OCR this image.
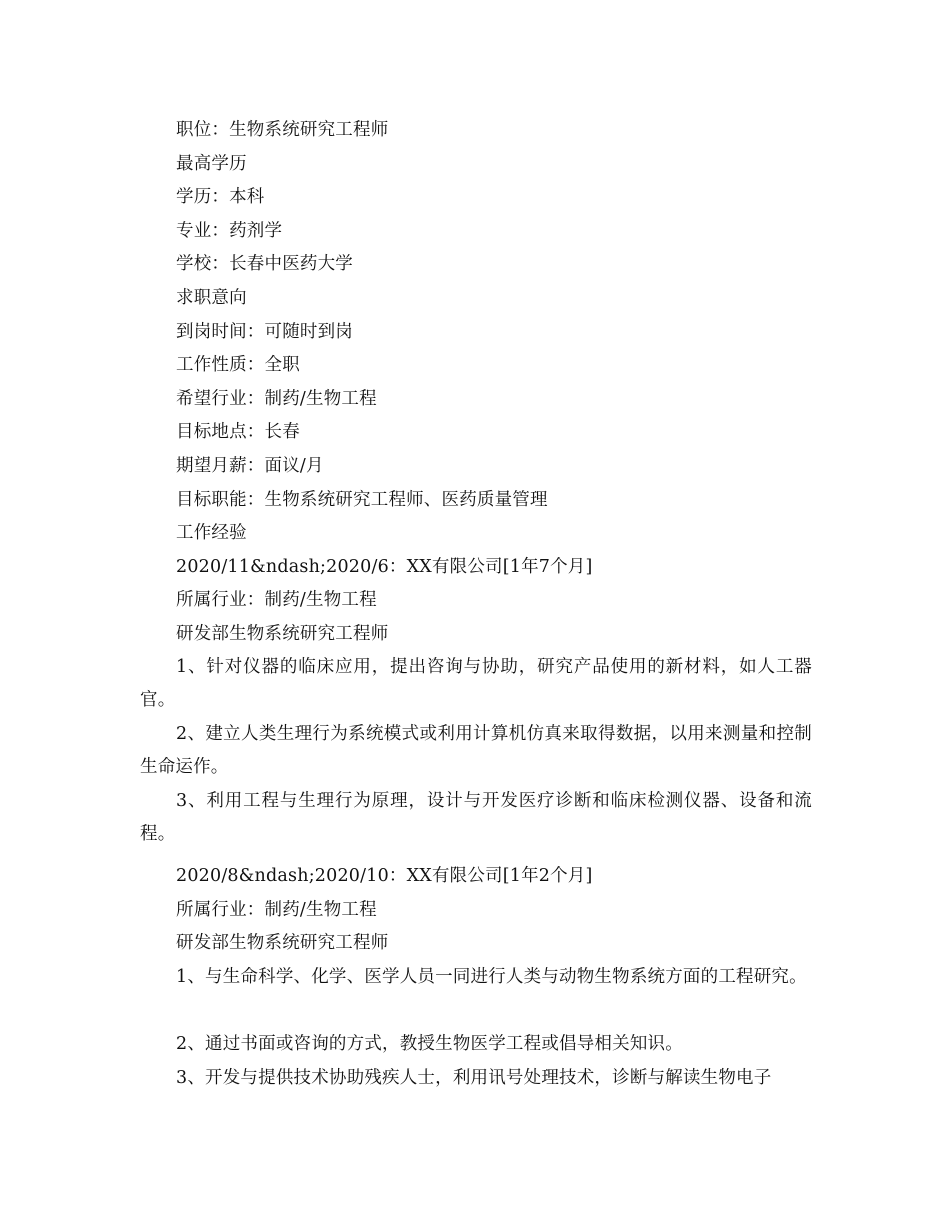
职位：生物系统研究工程师
最高学历
学历：本科
专业：药剂学
学校：长春中医药大学
求职意向
到岗时间：可随时到岗
工作性质：全职
希望行业：制药/生物工程
目标地点：长春
期望月薪：面议/月
目标职能：生物系统研究工程师、医药质量管理
工作经验
2020/11&ndash;2020/6：XX有限公司[1年7个月]
所属行业：制药/生物工程
研发部生物系统研究工程师
1、针对仪器的临床应用，提出咨询与协助，研究产品使用的新材料，如人工器官。
2、建立人类生理行为系统模式或利用计算机仿真来取得数据，以用来测量和控制生命运作。
3、利用工程与生理行为原理，设计与开发医疗诊断和临床检测仪器、设备和流程。
2020/8&ndash;2020/10：XX有限公司[1年2个月]
所属行业：制药/生物工程
研发部生物系统研究工程师
1、与生命科学、化学、医学人员一同进行人类与动物生物系统方面的工程研究。
2、通过书面或咨询的方式，教授生物医学工程或倡导相关知识。
3、开发与提供技术协助残疾人士，利用讯号处理技术，诊断与解读生物电子
